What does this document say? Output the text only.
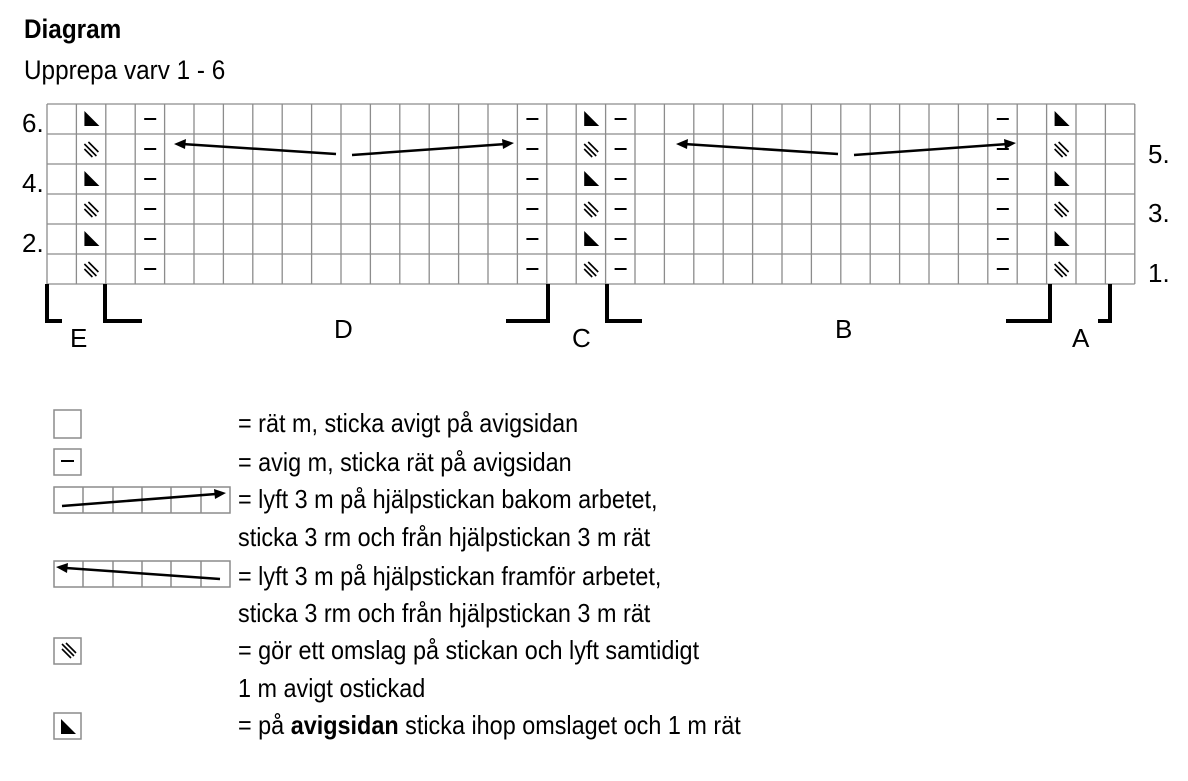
Diagram
Upprepa varv 1 - 6
6.
4.
2.
5.
3.
1.
E	D	C	B	A
= rät m, sticka avigt på avigsidan
= avig m, sticka rät på avigsidan
= lyft 3 m på hjälpstickan bakom arbetet,
sticka 3 rm och från hjälpstickan 3 m rät
= lyft 3 m på hjälpstickan framför arbetet,
sticka 3 rm och från hjälpstickan 3 m rät
= gör ett omslag på stickan och lyft samtidigt
1 m avigt ostickad
= på avigsidan sticka ihop omslaget och 1 m rät
